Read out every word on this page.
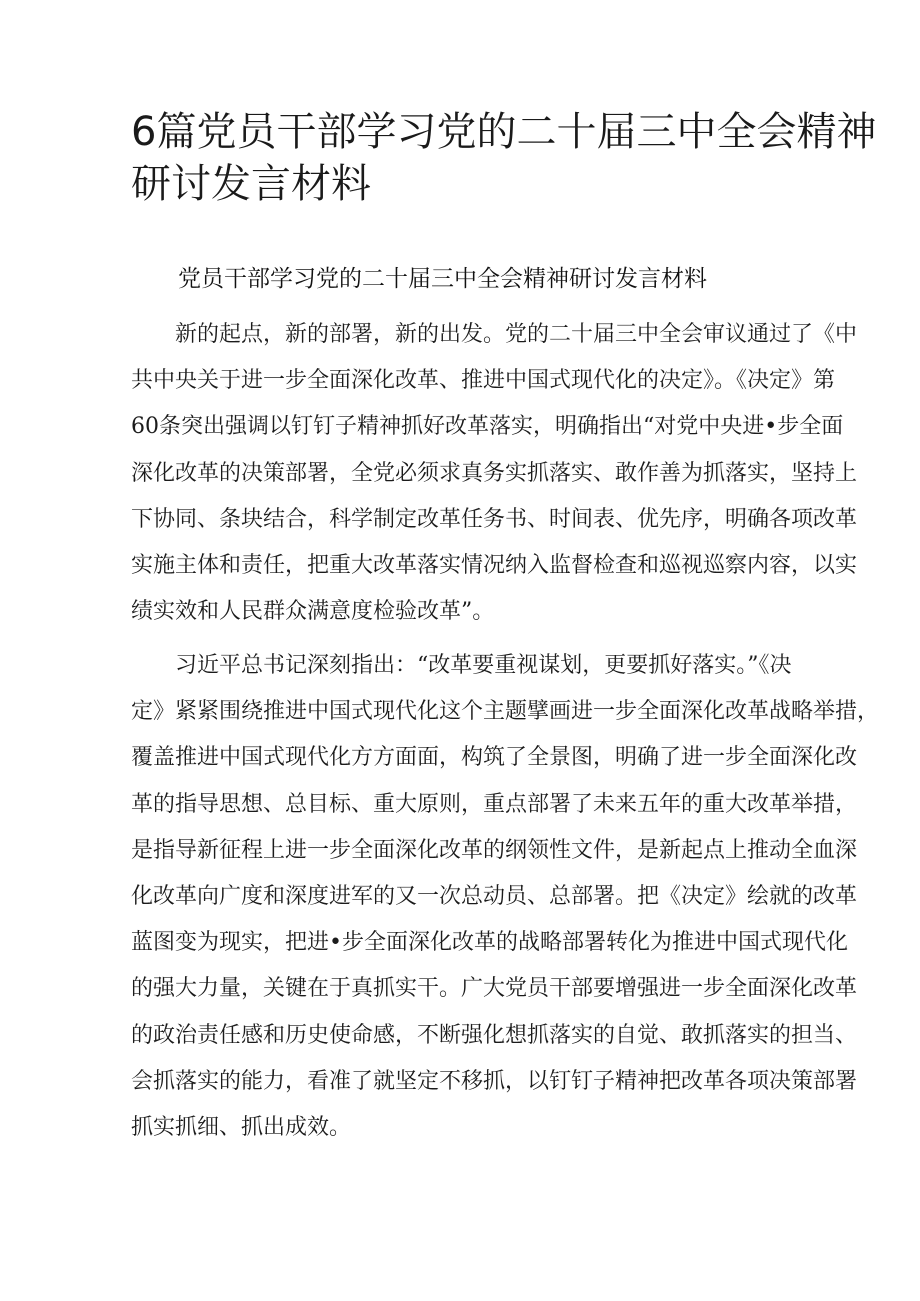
6篇党员干部学习党的二十届三中全会精神
研讨发言材料
党员干部学习党的二十届三中全会精神研讨发言材料
新的起点，新的部署，新的出发。党的二十届三中全会审议通过了《中
共中央关于进一步全面深化改革、推进中国式现代化的决定》。《决定》第
60条突出强调以钉钉子精神抓好改革落实，明确指出“对党中央进•步全面
深化改革的决策部署，全党必须求真务实抓落实、敢作善为抓落实，坚持上
下协同、条块结合，科学制定改革任务书、时间表、优先序，明确各项改革
实施主体和责任，把重大改革落实情况纳入监督检查和巡视巡察内容，以实
绩实效和人民群众满意度检验改革”。
习近平总书记深刻指出：“改革要重视谋划，更要抓好落实。”《决
定》紧紧围绕推进中国式现代化这个主题擘画进一步全面深化改革战略举措，
覆盖推进中国式现代化方方面面，构筑了全景图，明确了进一步全面深化改
革的指导思想、总目标、重大原则，重点部署了未来五年的重大改革举措，
是指导新征程上进一步全面深化改革的纲领性文件，是新起点上推动全血深
化改革向广度和深度进军的又一次总动员、总部署。把《决定》绘就的改革
蓝图变为现实，把进•步全面深化改革的战略部署转化为推进中国式现代化
的强大力量，关键在于真抓实干。广大党员干部要增强进一步全面深化改革
的政治责任感和历史使命感，不断强化想抓落实的自觉、敢抓落实的担当、
会抓落实的能力，看准了就坚定不移抓，以钉钉子精神把改革各项决策部署
抓实抓细、抓出成效。
